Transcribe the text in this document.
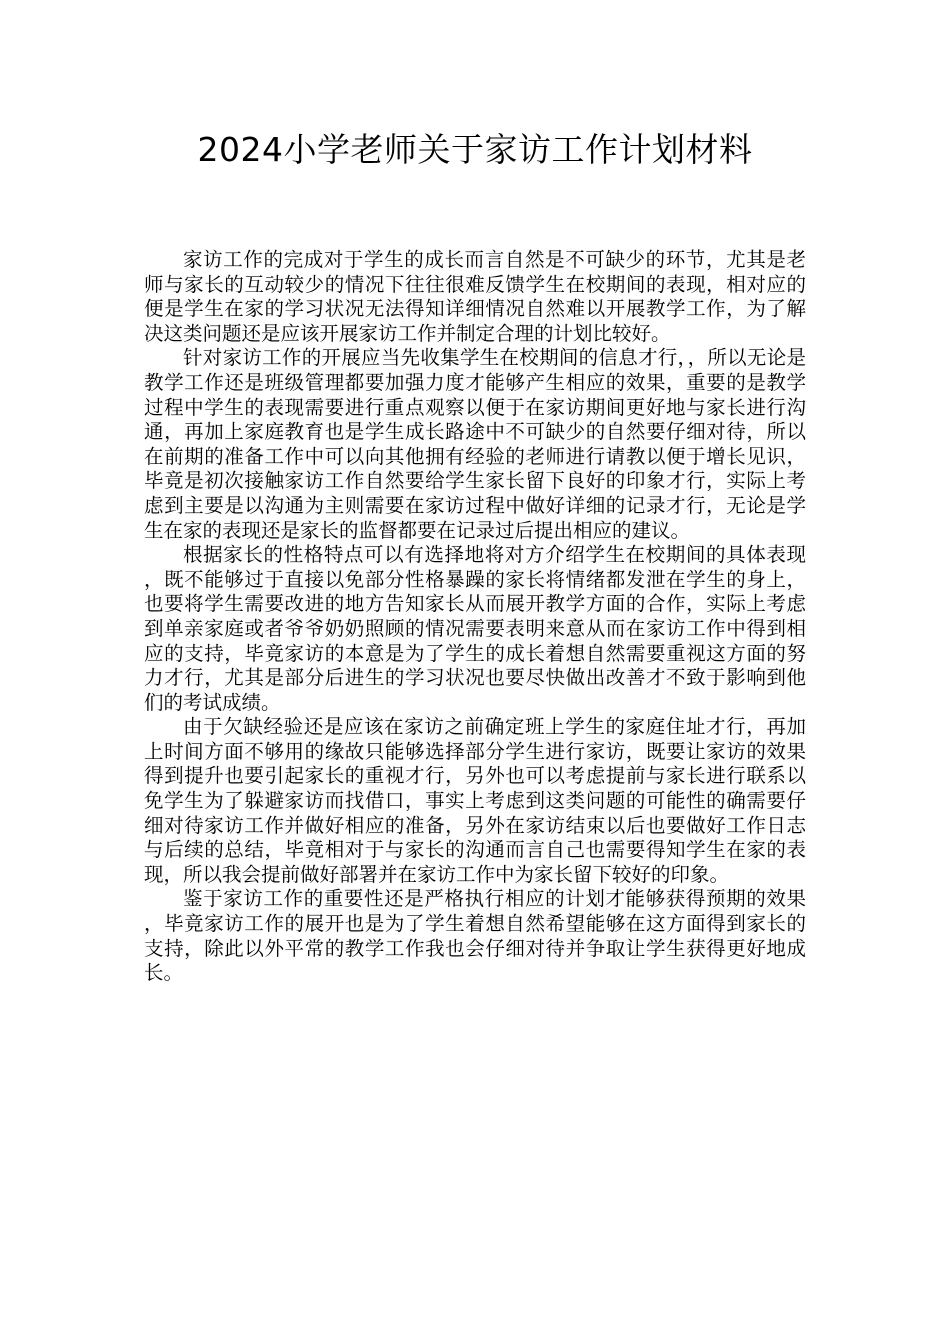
2024小学老师关于家访工作计划材料

家访工作的完成对于学生的成长而言自然是不可缺少的环节，尤其是老师与家长的互动较少的情况下往往很难反馈学生在校期间的表现，相对应的便是学生在家的学习状况无法得知详细情况自然难以开展教学工作，为了解决这类问题还是应该开展家访工作并制定合理的计划比较好。

针对家访工作的开展应当先收集学生在校期间的信息才行，，所以无论是教学工作还是班级管理都要加强力度才能够产生相应的效果，重要的是教学过程中学生的表现需要进行重点观察以便于在家访期间更好地与家长进行沟通，再加上家庭教育也是学生成长路途中不可缺少的自然要仔细对待，所以在前期的准备工作中可以向其他拥有经验的老师进行请教以便于增长见识，毕竟是初次接触家访工作自然要给学生家长留下良好的印象才行，实际上考虑到主要是以沟通为主则需要在家访过程中做好详细的记录才行，无论是学生在家的表现还是家长的监督都要在记录过后提出相应的建议。

根据家长的性格特点可以有选择地将对方介绍学生在校期间的具体表现，既不能够过于直接以免部分性格暴躁的家长将情绪都发泄在学生的身上，也要将学生需要改进的地方告知家长从而展开教学方面的合作，实际上考虑到单亲家庭或者爷爷奶奶照顾的情况需要表明来意从而在家访工作中得到相应的支持，毕竟家访的本意是为了学生的成长着想自然需要重视这方面的努力才行，尤其是部分后进生的学习状况也要尽快做出改善才不致于影响到他们的考试成绩。

由于欠缺经验还是应该在家访之前确定班上学生的家庭住址才行，再加上时间方面不够用的缘故只能够选择部分学生进行家访，既要让家访的效果得到提升也要引起家长的重视才行，另外也可以考虑提前与家长进行联系以免学生为了躲避家访而找借口，事实上考虑到这类问题的可能性的确需要仔细对待家访工作并做好相应的准备，另外在家访结束以后也要做好工作日志与后续的总结，毕竟相对于与家长的沟通而言自己也需要得知学生在家的表现，所以我会提前做好部署并在家访工作中为家长留下较好的印象。

鉴于家访工作的重要性还是严格执行相应的计划才能够获得预期的效果，毕竟家访工作的展开也是为了学生着想自然希望能够在这方面得到家长的支持，除此以外平常的教学工作我也会仔细对待并争取让学生获得更好地成长。
